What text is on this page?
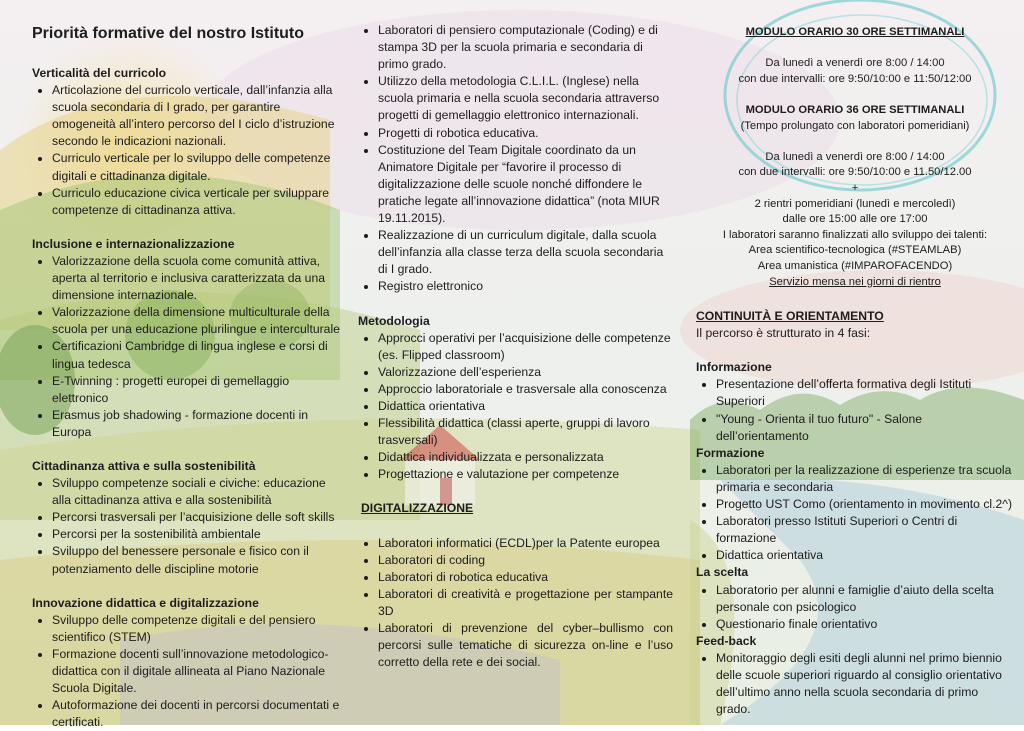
Priorità formative del nostro Istituto

Verticalità del curricolo

• Articolazione del curricolo verticale, dall’infanzia alla scuola secondaria di I grado, per garantire omogeneità all’intero percorso del I ciclo d’istruzione secondo le indicazioni nazionali.
• Curriculo verticale per lo sviluppo delle competenze digitali e cittadinanza digitale.
• Curriculo educazione civica verticale per sviluppare competenze di cittadinanza attiva.

Inclusione e internazionalizzazione

• Valorizzazione della scuola come comunità attiva, aperta al territorio e inclusiva caratterizzata da una dimensione internazionale.
• Valorizzazione della dimensione multiculturale della scuola per una educazione plurilingue e interculturale
• Certificazioni Cambridge di lingua inglese e corsi di lingua tedesca
• E-Twinning : progetti europei di gemellaggio elettronico
• Erasmus job shadowing - formazione docenti in Europa

Cittadinanza attiva e sulla sostenibilità

• Sviluppo competenze sociali e civiche: educazione alla cittadinanza attiva e alla sostenibilità
• Percorsi trasversali per l’acquisizione delle soft skills
• Percorsi per la sostenibilità ambientale
• Sviluppo del benessere personale e fisico con il potenziamento delle discipline motorie

Innovazione didattica e digitalizzazione

• Sviluppo delle competenze digitali e del pensiero scientifico (STEM)
• Formazione docenti sull’innovazione metodologico-didattica con il digitale allineata al Piano Nazionale Scuola Digitale.
• Autoformazione dei docenti in percorsi documentati e certificati.
• Laboratori di pensiero computazionale (Coding) e di stampa 3D per la scuola primaria e secondaria di primo grado.
• Utilizzo della metodologia C.L.I.L. (Inglese) nella scuola primaria e nella scuola secondaria attraverso progetti di gemellaggio elettronico internazionali.
• Progetti di robotica educativa.
• Costituzione del Team Digitale coordinato da un Animatore Digitale per “favorire il processo di digitalizzazione delle scuole nonché diffondere le pratiche legate all’innovazione didattica” (nota MIUR 19.11.2015).
• Realizzazione di un curriculum digitale, dalla scuola dell’infanzia alla classe terza della scuola secondaria di I grado.
• Registro elettronico

Metodologia

• Approcci operativi per l’acquisizione delle competenze (es. Flipped classroom)
• Valorizzazione dell’esperienza
• Approccio laboratoriale e trasversale alla conoscenza
• Didattica orientativa
• Flessibilità didattica (classi aperte, gruppi di lavoro trasversali)
• Didattica individualizzata e personalizzata
• Progettazione e valutazione per competenze

DIGITALIZZAZIONE

• Laboratori informatici (ECDL)per la Patente europea
• Laboratori di coding
• Laboratori di robotica educativa
• Laboratori di creatività e progettazione per stampante 3D
• Laboratori di prevenzione del cyber–bullismo con percorsi sulle tematiche di sicurezza on-line e l’uso corretto della rete e dei social.
MODULO ORARIO 30 ORE SETTIMANALI

Da lunedì a venerdì ore 8:00 / 14:00
con due intervalli: ore 9:50/10:00 e 11:50/12:00

MODULO ORARIO 36 ORE SETTIMANALI
(Tempo prolungato con laboratori pomeridiani)

Da lunedì a venerdì ore 8:00 / 14:00
con due intervalli: ore 9:50/10:00 e 11.50/12.00
+
2 rientri pomeridiani (lunedì e mercoledì)
dalle ore 15:00 alle ore 17:00
I laboratori saranno finalizzati allo sviluppo dei talenti:
Area scientifico-tecnologica (#STEAMLAB)
Area umanistica (#IMPAROFACENDO)
Servizio mensa nei giorni di rientro

CONTINUITÀ E ORIENTAMENTO

Il percorso è strutturato in 4 fasi:

Informazione

• Presentazione dell’offerta formativa degli Istituti Superiori
• "Young - Orienta il tuo futuro" - Salone dell’orientamento

Formazione

• Laboratori per la realizzazione di esperienze tra scuola primaria e secondaria
• Progetto UST Como (orientamento in movimento cl.2^)
• Laboratori presso Istituti Superiori o Centri di formazione
• Didattica orientativa

La scelta

• Laboratorio per alunni e famiglie d’aiuto della scelta personale con psicologico
• Questionario finale orientativo

Feed-back

• Monitoraggio degli esiti degli alunni nel primo biennio delle scuole superiori riguardo al consiglio orientativo dell’ultimo anno nella scuola secondaria di primo grado.
